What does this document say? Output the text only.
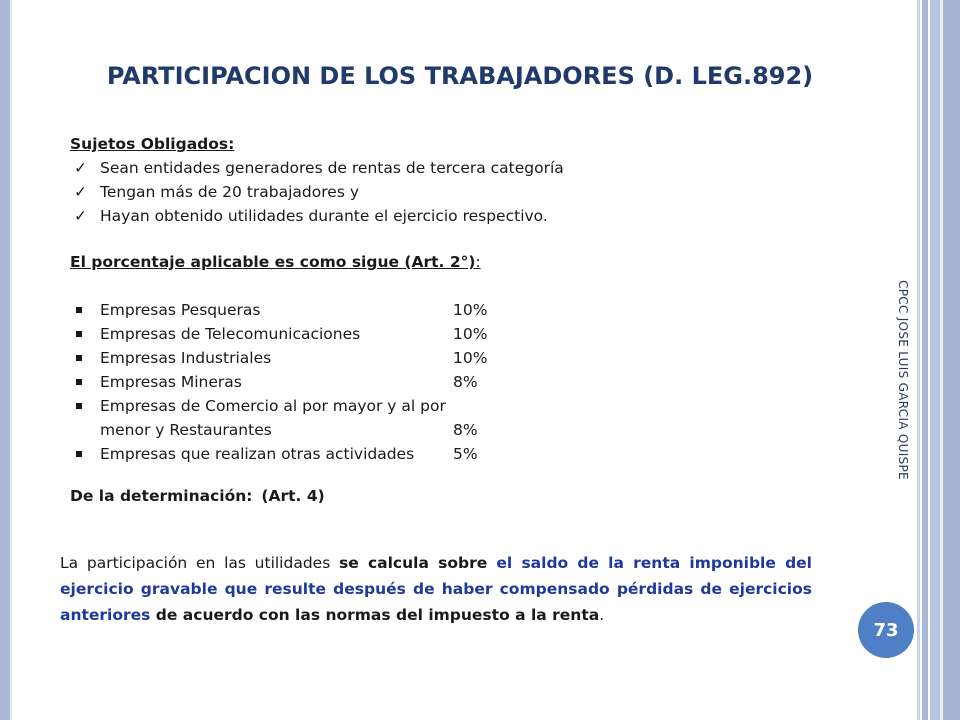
PARTICIPACION DE LOS TRABAJADORES (D. LEG.892)
Sujetos Obligados:
✓ Sean entidades generadores de rentas de tercera categoría
✓ Tengan más de 20 trabajadores y
✓ Hayan obtenido utilidades durante el ejercicio respectivo.
El porcentaje aplicable es como sigue (Art. 2°):
Empresas Pesqueras	10%
Empresas de Telecomunicaciones	10%
Empresas Industriales	10%
Empresas Mineras	8%
Empresas de Comercio al por mayor y al por
menor y Restaurantes	8%
Empresas que realizan otras actividades	5%
De la determinación: (Art. 4)
La participación en las utilidades se calcula sobre el saldo de la renta imponible del ejercicio gravable que resulte después de haber compensado pérdidas de ejercicios anteriores de acuerdo con las normas del impuesto a la renta.
CPCC JOSE LUIS GARCIA QUISPE
73
